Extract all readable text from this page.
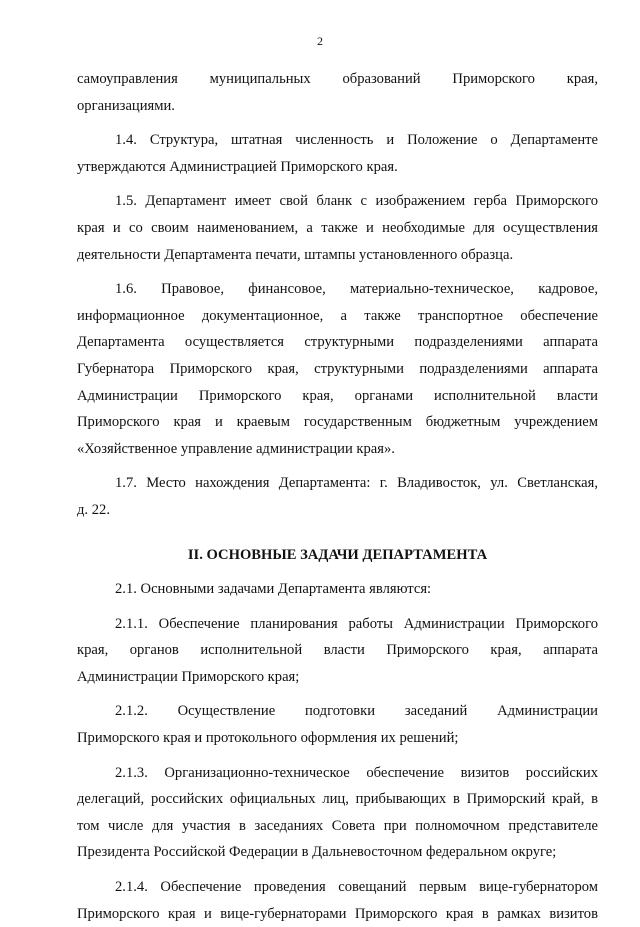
2
самоуправления муниципальных образований Приморского края,
организациями.
1.4. Структура, штатная численность и Положение о Департаменте
утверждаются Администрацией Приморского края.
1.5. Департамент имеет свой бланк с изображением герба Приморского
края и со своим наименованием, а также и необходимые для осуществления
деятельности Департамента печати, штампы установленного образца.
1.6. Правовое, финансовое, материально-техническое, кадровое,
информационное документационное, а также транспортное обеспечение
Департамента осуществляется структурными подразделениями аппарата
Губернатора Приморского края, структурными подразделениями аппарата
Администрации Приморского края, органами исполнительной власти
Приморского края и краевым государственным бюджетным учреждением
«Хозяйственное управление администрации края».
1.7. Место нахождения Департамента: г. Владивосток, ул. Светланская,
д. 22.
II. ОСНОВНЫЕ ЗАДАЧИ ДЕПАРТАМЕНТА
2.1. Основными задачами Департамента являются:
2.1.1. Обеспечение планирования работы Администрации Приморского
края, органов исполнительной власти Приморского края, аппарата
Администрации Приморского края;
2.1.2. Осуществление подготовки заседаний Администрации
Приморского края и протокольного оформления их решений;
2.1.3. Организационно-техническое обеспечение визитов российских
делегаций, российских официальных лиц, прибывающих в Приморский край, в
том числе для участия в заседаниях Совета при полномочном представителе
Президента Российской Федерации в Дальневосточном федеральном округе;
2.1.4. Обеспечение проведения совещаний первым вице-губернатором
Приморского края и вице-губернаторами Приморского края в рамках визитов
